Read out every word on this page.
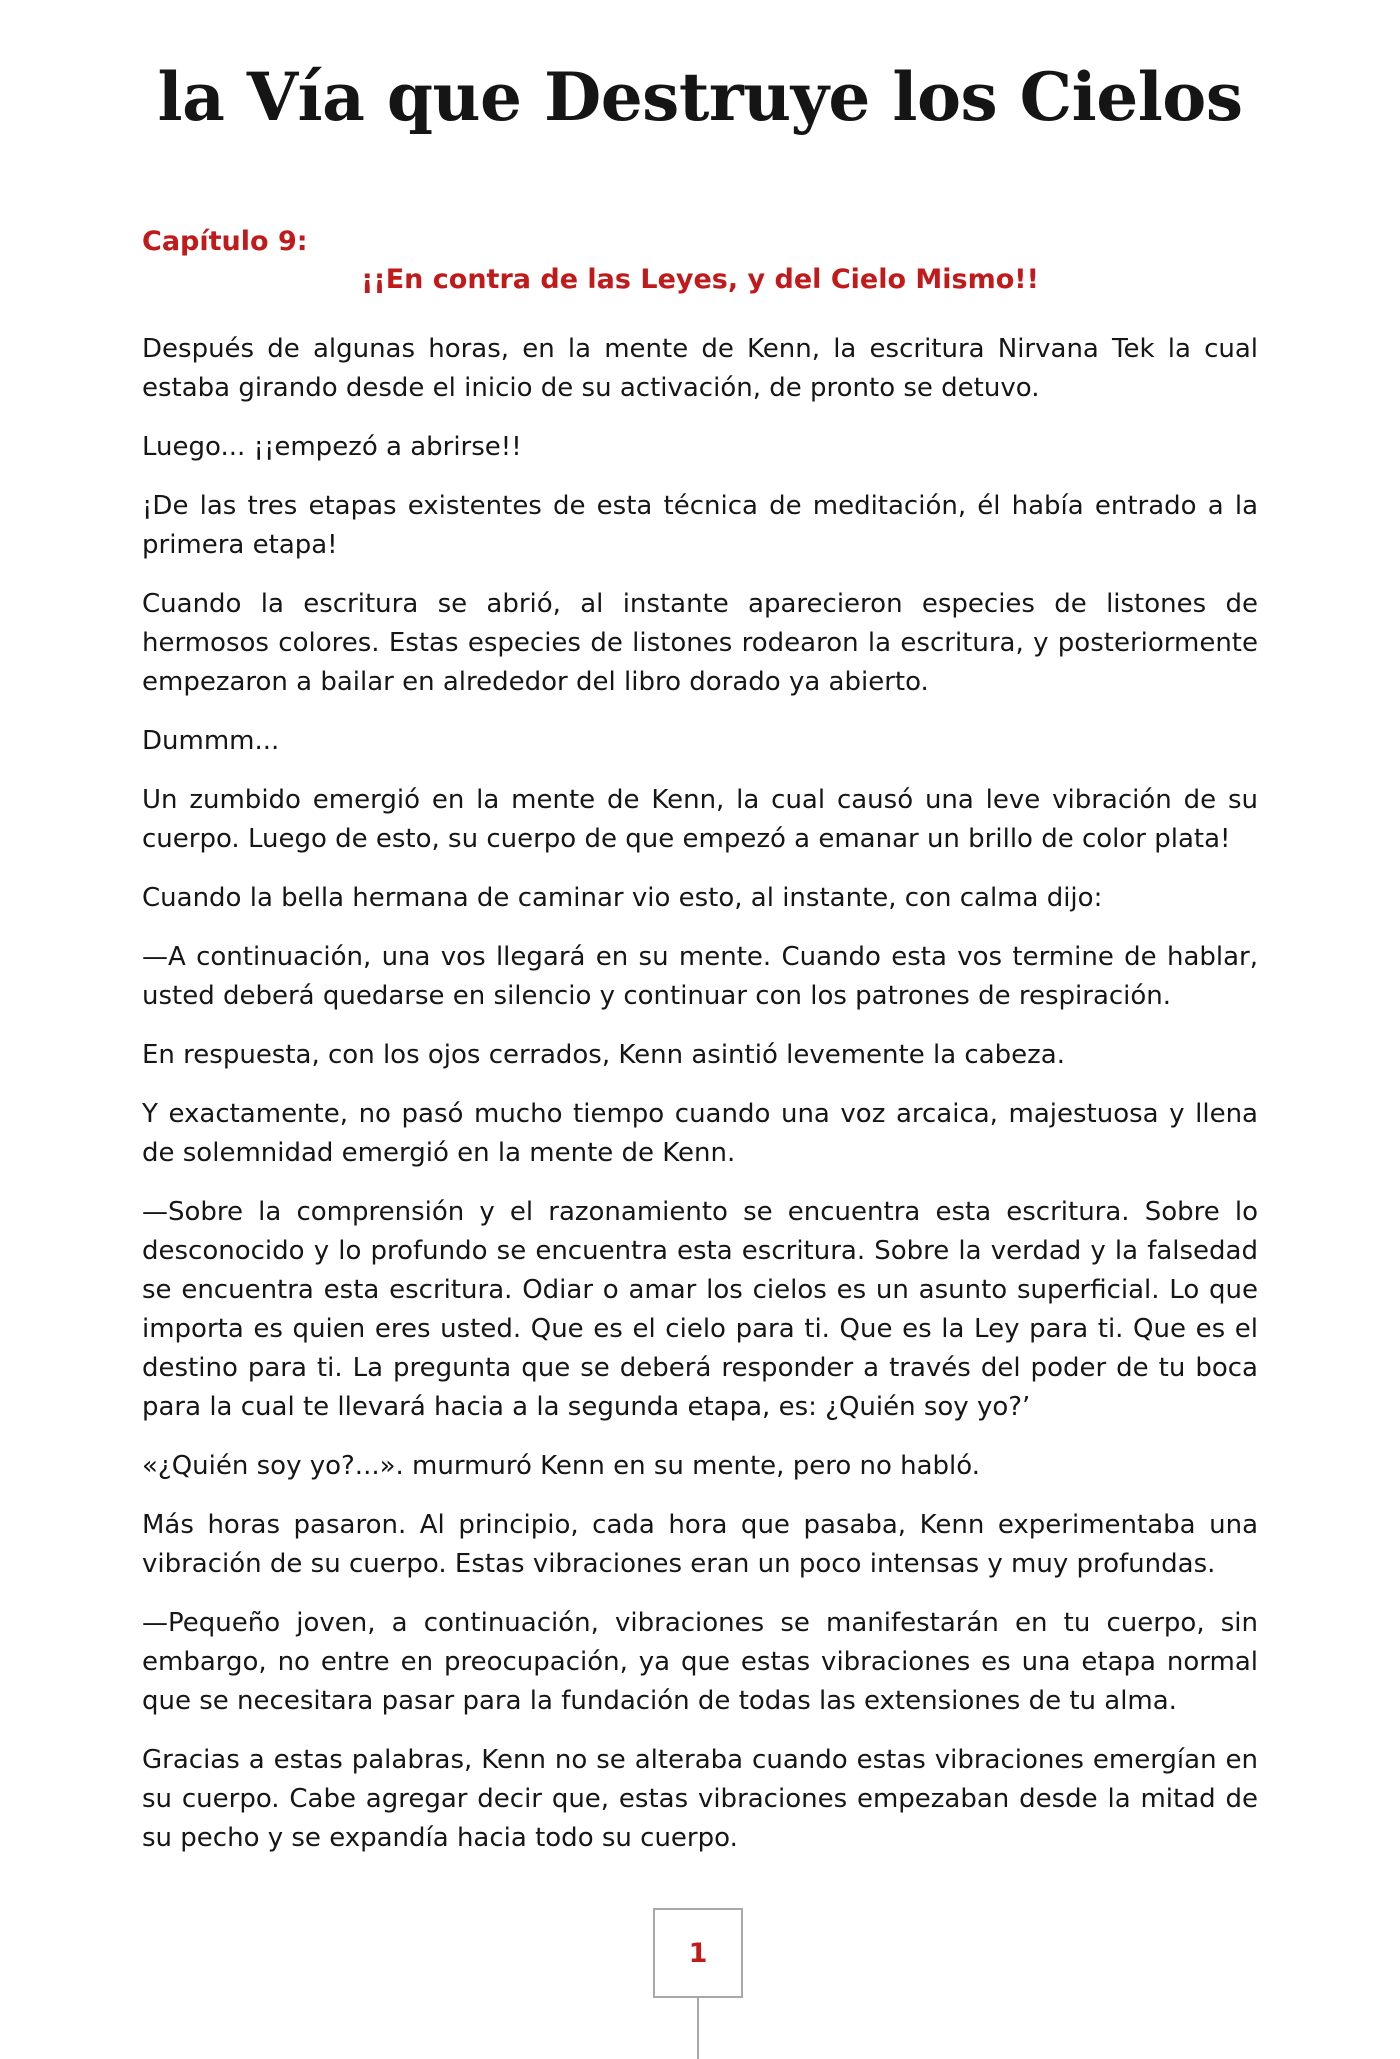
la Vía que Destruye los Cielos
Capítulo 9:
¡¡En contra de las Leyes, y del Cielo Mismo!!

Después de algunas horas, en la mente de Kenn, la escritura Nirvana Tek la cual estaba girando desde el inicio de su activación, de pronto se detuvo.

Luego... ¡¡empezó a abrirse!!

¡De las tres etapas existentes de esta técnica de meditación, él había entrado a la primera etapa!

Cuando la escritura se abrió, al instante aparecieron especies de listones de hermosos colores. Estas especies de listones rodearon la escritura, y posteriormente empezaron a bailar en alrededor del libro dorado ya abierto.

Dummm...

Un zumbido emergió en la mente de Kenn, la cual causó una leve vibración de su cuerpo. Luego de esto, su cuerpo de que empezó a emanar un brillo de color plata!

Cuando la bella hermana de caminar vio esto, al instante, con calma dijo:

—A continuación, una vos llegará en su mente. Cuando esta vos termine de hablar, usted deberá quedarse en silencio y continuar con los patrones de respiración.

En respuesta, con los ojos cerrados, Kenn asintió levemente la cabeza.

Y exactamente, no pasó mucho tiempo cuando una voz arcaica, majestuosa y llena de solemnidad emergió en la mente de Kenn.

—Sobre la comprensión y el razonamiento se encuentra esta escritura. Sobre lo desconocido y lo profundo se encuentra esta escritura. Sobre la verdad y la falsedad se encuentra esta escritura. Odiar o amar los cielos es un asunto superficial. Lo que importa es quien eres usted. Que es el cielo para ti. Que es la Ley para ti. Que es el destino para ti. La pregunta que se deberá responder a través del poder de tu boca para la cual te llevará hacia a la segunda etapa, es: ¿Quién soy yo?’

«¿Quién soy yo?...». murmuró Kenn en su mente, pero no habló.

Más horas pasaron. Al principio, cada hora que pasaba, Kenn experimentaba una vibración de su cuerpo. Estas vibraciones eran un poco intensas y muy profundas.

—Pequeño joven, a continuación, vibraciones se manifestarán en tu cuerpo, sin embargo, no entre en preocupación, ya que estas vibraciones es una etapa normal que se necesitara pasar para la fundación de todas las extensiones de tu alma.

Gracias a estas palabras, Kenn no se alteraba cuando estas vibraciones emergían en su cuerpo. Cabe agregar decir que, estas vibraciones empezaban desde la mitad de su pecho y se expandía hacia todo su cuerpo.

1
